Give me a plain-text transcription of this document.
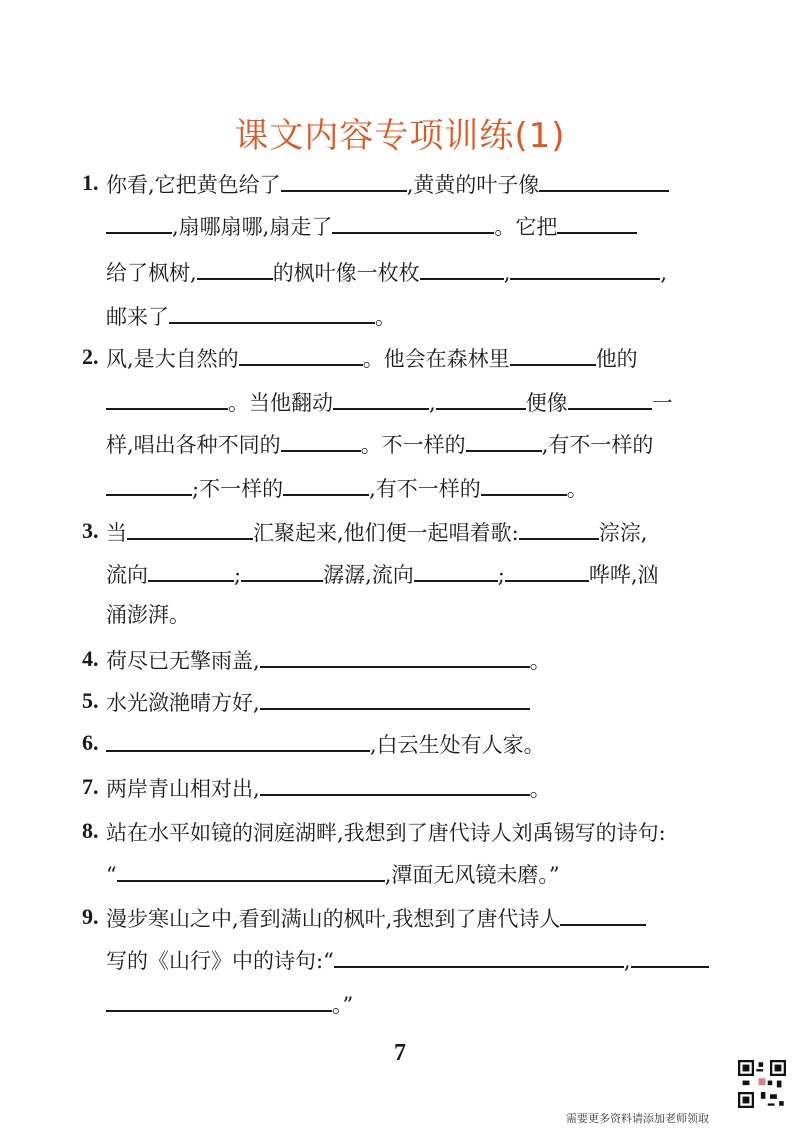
课文内容专项训练(1)
1. 你看,它把黄色给了	,黄黄的叶子像
,扇哪扇哪,扇走了	。它把
给了枫树,	的枫叶像一枚枚	,	,
邮来了	。
2. 风,是大自然的	。他会在森林里	他的
。当他翻动	,	便像	一
样,唱出各种不同的	。不一样的	,有不一样的
;不一样的	,有不一样的	。
3. 当	汇聚起来,他们便一起唱着歌:	淙淙,
流向	;	潺潺,流向	;	哗哗,汹
涌澎湃。
4. 荷尽已无擎雨盖,	。
5. 水光潋滟晴方好,
6.	,白云生处有人家。
7. 两岸青山相对出,	。
8. 站在水平如镜的洞庭湖畔,我想到了唐代诗人刘禹锡写的诗句:
“	,潭面无风镜未磨。”
9. 漫步寒山之中,看到满山的枫叶,我想到了唐代诗人
写的《山行》中的诗句:“	,
。”
7
需要更多资料请添加老师领取
